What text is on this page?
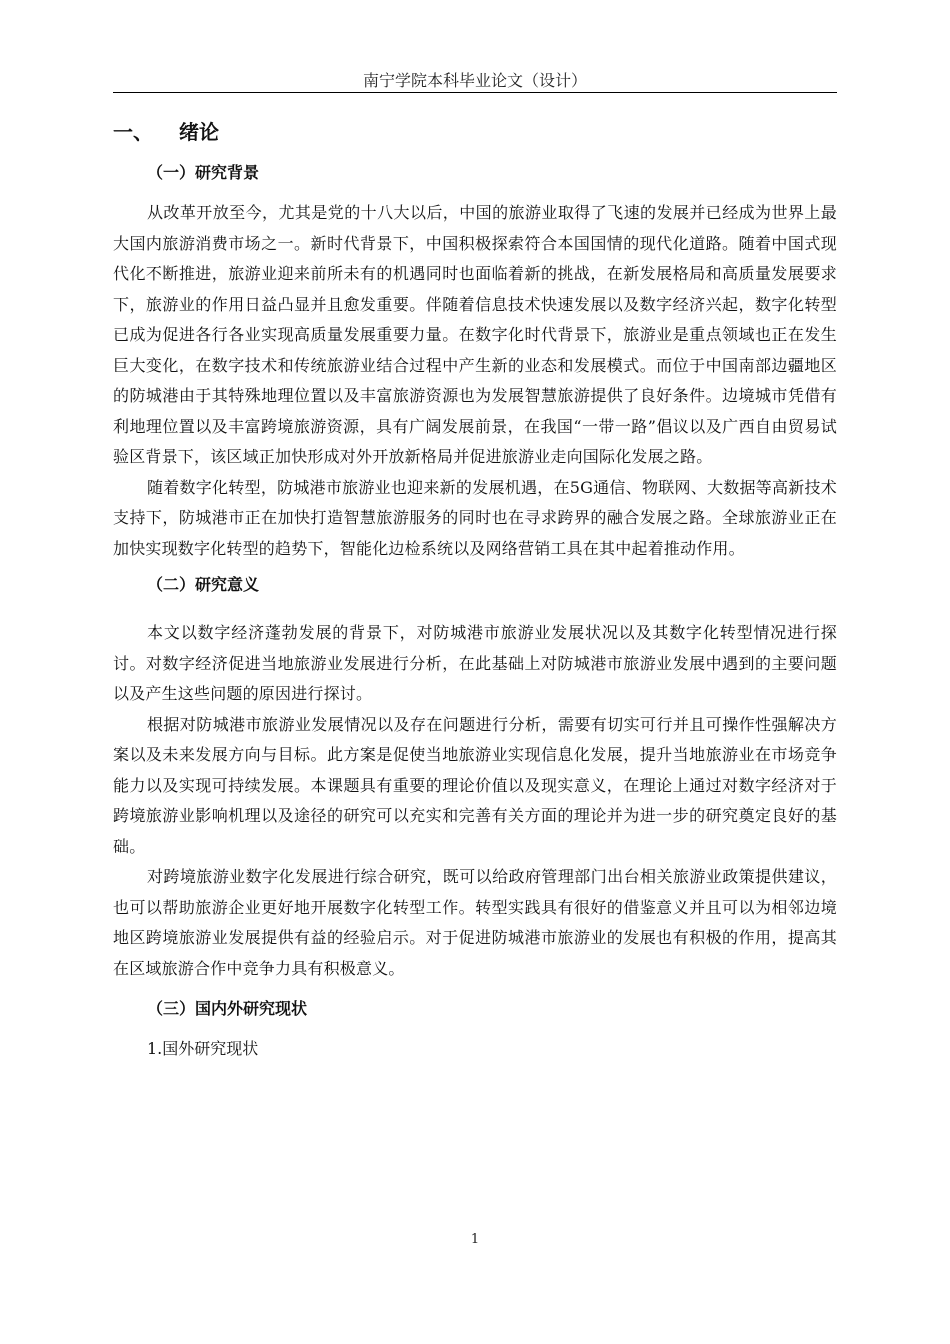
南宁学院本科毕业论文（设计）
一、 绪论
（一）研究背景

从改革开放至今，尤其是党的十八大以后，中国的旅游业取得了飞速的发展并已经成为世界上最大国内旅游消费市场之一。新时代背景下，中国积极探索符合本国国情的现代化道路。随着中国式现代化不断推进，旅游业迎来前所未有的机遇同时也面临着新的挑战，在新发展格局和高质量发展要求下，旅游业的作用日益凸显并且愈发重要。伴随着信息技术快速发展以及数字经济兴起，数字化转型已成为促进各行各业实现高质量发展重要力量。在数字化时代背景下，旅游业是重点领域也正在发生巨大变化，在数字技术和传统旅游业结合过程中产生新的业态和发展模式。而位于中国南部边疆地区的防城港由于其特殊地理位置以及丰富旅游资源也为发展智慧旅游提供了良好条件。边境城市凭借有利地理位置以及丰富跨境旅游资源，具有广阔发展前景，在我国“一带一路”倡议以及广西自由贸易试验区背景下，该区域正加快形成对外开放新格局并促进旅游业走向国际化发展之路。

随着数字化转型，防城港市旅游业也迎来新的发展机遇，在5G通信、物联网、大数据等高新技术支持下，防城港市正在加快打造智慧旅游服务的同时也在寻求跨界的融合发展之路。全球旅游业正在加快实现数字化转型的趋势下，智能化边检系统以及网络营销工具在其中起着推动作用。

（二）研究意义

本文以数字经济蓬勃发展的背景下，对防城港市旅游业发展状况以及其数字化转型情况进行探讨。对数字经济促进当地旅游业发展进行分析，在此基础上对防城港市旅游业发展中遇到的主要问题以及产生这些问题的原因进行探讨。

根据对防城港市旅游业发展情况以及存在问题进行分析，需要有切实可行并且可操作性强解决方案以及未来发展方向与目标。此方案是促使当地旅游业实现信息化发展，提升当地旅游业在市场竞争能力以及实现可持续发展。本课题具有重要的理论价值以及现实意义，在理论上通过对数字经济对于跨境旅游业影响机理以及途径的研究可以充实和完善有关方面的理论并为进一步的研究奠定良好的基础。

对跨境旅游业数字化发展进行综合研究，既可以给政府管理部门出台相关旅游业政策提供建议，也可以帮助旅游企业更好地开展数字化转型工作。转型实践具有很好的借鉴意义并且可以为相邻边境地区跨境旅游业发展提供有益的经验启示。对于促进防城港市旅游业的发展也有积极的作用，提高其在区域旅游合作中竞争力具有积极意义。

（三）国内外研究现状
1.国外研究现状
1
